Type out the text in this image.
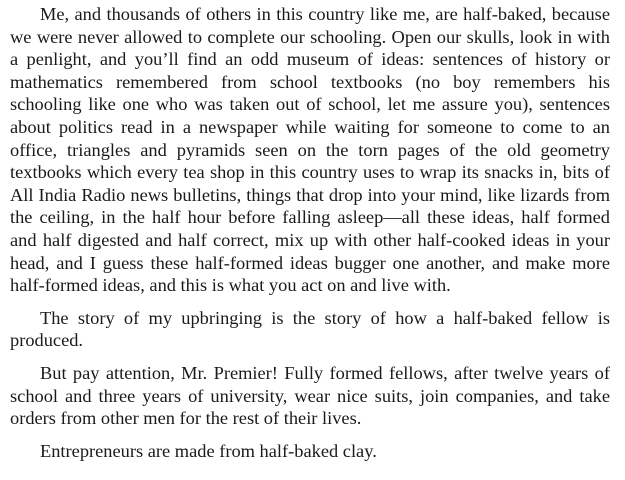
Me, and thousands of others in this country like me, are half-baked, because we were never allowed to complete our schooling. Open our skulls, look in with a penlight, and you’ll find an odd museum of ideas: sentences of history or mathematics remembered from school textbooks (no boy remembers his schooling like one who was taken out of school, let me assure you), sentences about politics read in a newspaper while waiting for someone to come to an office, triangles and pyramids seen on the torn pages of the old geometry textbooks which every tea shop in this country uses to wrap its snacks in, bits of All India Radio news bulletins, things that drop into your mind, like lizards from the ceiling, in the half hour before falling asleep—all these ideas, half formed and half digested and half correct, mix up with other half-cooked ideas in your head, and I guess these half-formed ideas bugger one another, and make more half-formed ideas, and this is what you act on and live with.

The story of my upbringing is the story of how a half-baked fellow is produced.

But pay attention, Mr. Premier! Fully formed fellows, after twelve years of school and three years of university, wear nice suits, join companies, and take orders from other men for the rest of their lives.

Entrepreneurs are made from half-baked clay.
